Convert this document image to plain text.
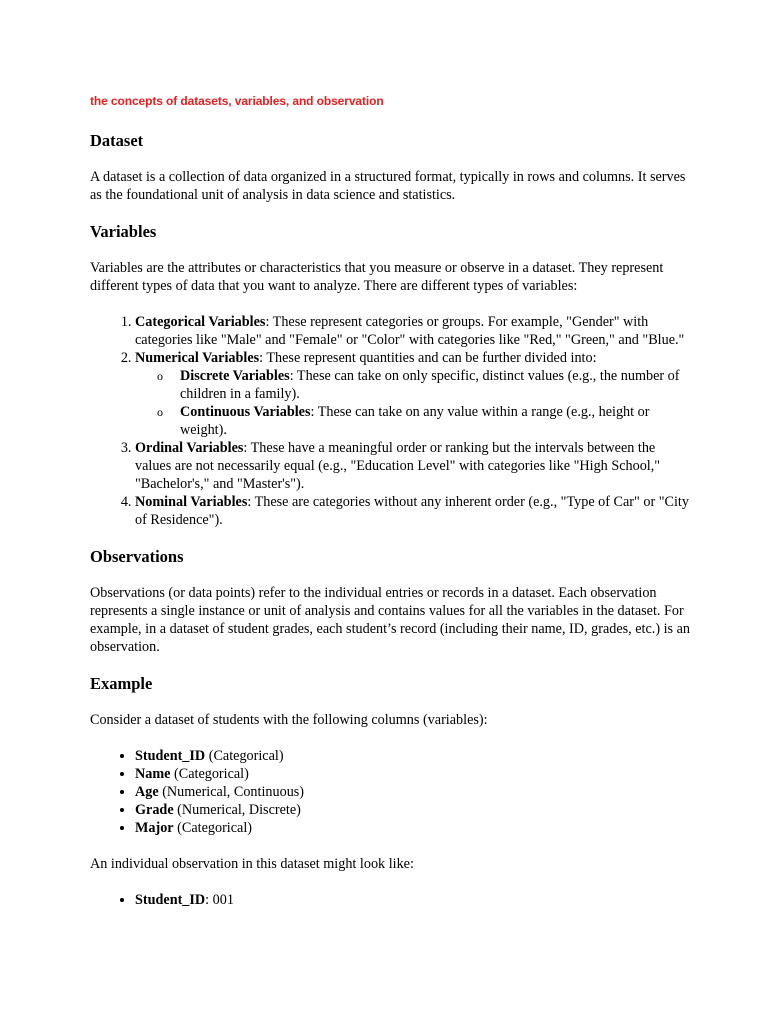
the concepts of datasets, variables, and observation
Dataset

A dataset is a collection of data organized in a structured format, typically in rows and columns. It serves as the foundational unit of analysis in data science and statistics.

Variables

Variables are the attributes or characteristics that you measure or observe in a dataset. They represent different types of data that you want to analyze. There are different types of variables:

1. Categorical Variables: These represent categories or groups. For example, "Gender" with categories like "Male" and "Female" or "Color" with categories like "Red," "Green," and "Blue."
2. Numerical Variables: These represent quantities and can be further divided into:
o Discrete Variables: These can take on only specific, distinct values (e.g., the number of children in a family).
o Continuous Variables: These can take on any value within a range (e.g., height or weight).
3. Ordinal Variables: These have a meaningful order or ranking but the intervals between the values are not necessarily equal (e.g., "Education Level" with categories like "High School," "Bachelor's," and "Master's").
4. Nominal Variables: These are categories without any inherent order (e.g., "Type of Car" or "City of Residence").
Observations

Observations (or data points) refer to the individual entries or records in a dataset. Each observation represents a single instance or unit of analysis and contains values for all the variables in the dataset. For example, in a dataset of student grades, each student’s record (including their name, ID, grades, etc.) is an observation.

Example

Consider a dataset of students with the following columns (variables):

• Student_ID (Categorical)
• Name (Categorical)
• Age (Numerical, Continuous)
• Grade (Numerical, Discrete)
• Major (Categorical)

An individual observation in this dataset might look like:

• Student_ID: 001
